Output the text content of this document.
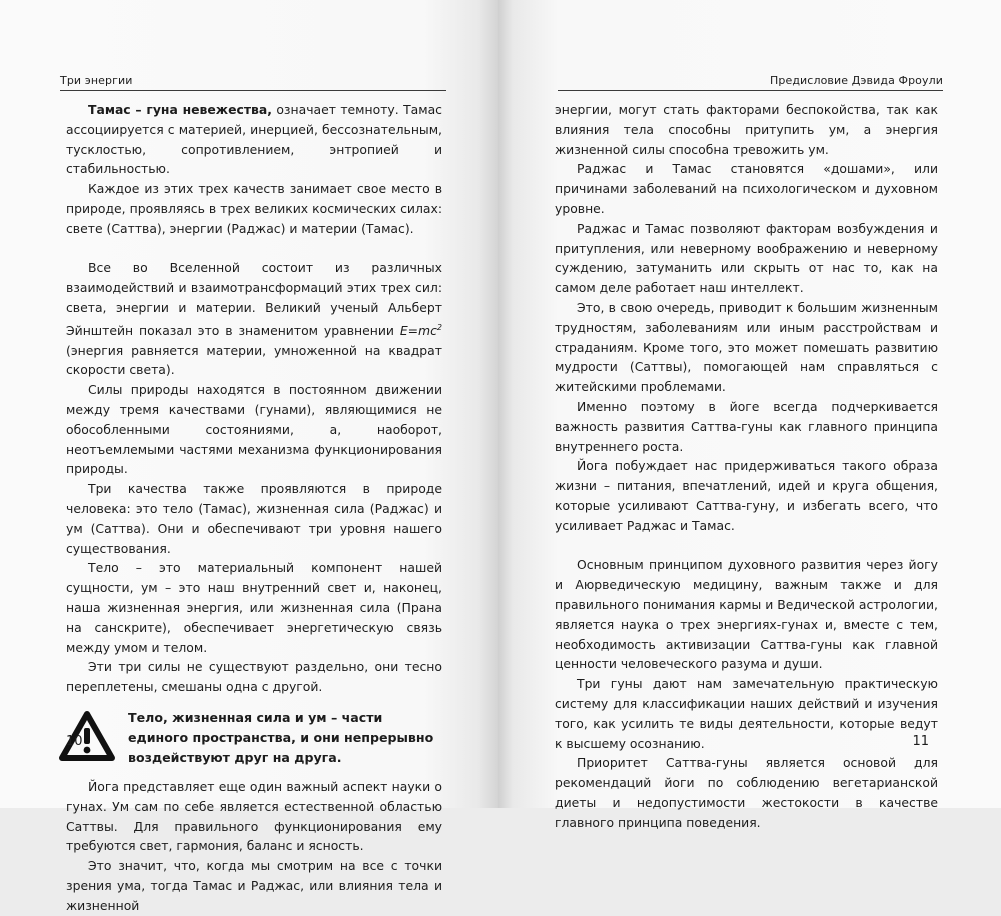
Три энергии

Тамас – гуна невежества, означает темноту. Тамас ассоциируется с материей, инерцией, бессознательным, тусклостью, сопротивлением, энтропией и стабильностью.

Каждое из этих трех качеств занимает свое место в природе, проявляясь в трех великих космических силах: свете (Саттва), энергии (Раджас) и материи (Тамас).

Все во Вселенной состоит из различных взаимодействий и взаимотрансформаций этих трех сил: света, энергии и материи. Великий ученый Альберт Эйнштейн показал это в знаменитом уравнении $E=mc^2$ (энергия равняется материи, умноженной на квадрат скорости света).

Силы природы находятся в постоянном движении между тремя качествами (гунами), являющимися не обособленными состояниями, а, наоборот, неотъемлемыми частями механизма функционирования природы.

Три качества также проявляются в природе человека: это тело (Тамас), жизненная сила (Раджас) и ум (Саттва). Они и обеспечивают три уровня нашего существования.

Тело – это материальный компонент нашей сущности, ум – это наш внутренний свет и, наконец, наша жизненная энергия, или жизненная сила (Прана на санскрите), обеспечивает энергетическую связь между умом и телом.

Эти три силы не существуют раздельно, они тесно переплетены, смешаны одна с другой.

Тело, жизненная сила и ум – части единого пространства, и они непрерывно воздействуют друг на друга.

Йога представляет еще один важный аспект науки о гунах. Ум сам по себе является естественной областью Саттвы. Для правильного функционирования ему требуются свет, гармония, баланс и ясность.

Это значит, что, когда мы смотрим на все с точки зрения ума, тогда Тамас и Раджас, или влияния тела и жизненной

10
Предисловие Дэвида Фроули

энергии, могут стать факторами беспокойства, так как влияния тела способны притупить ум, а энергия жизненной силы способна тревожить ум.

Раджас и Тамас становятся «дошами», или причинами заболеваний на психологическом и духовном уровне.

Раджас и Тамас позволяют факторам возбуждения и притупления, или неверному воображению и неверному суждению, затуманить или скрыть от нас то, как на самом деле работает наш интеллект.

Это, в свою очередь, приводит к большим жизненным трудностям, заболеваниям или иным расстройствам и страданиям. Кроме того, это может помешать развитию мудрости (Саттвы), помогающей нам справляться с житейскими проблемами.

Именно поэтому в йоге всегда подчеркивается важность развития Саттва-гуны как главного принципа внутреннего роста.

Йога побуждает нас придерживаться такого образа жизни – питания, впечатлений, идей и круга общения, которые усиливают Саттва-гуну, и избегать всего, что усиливает Раджас и Тамас.

Основным принципом духовного развития через йогу и Аюрведическую медицину, важным также и для правильного понимания кармы и Ведической астрологии, является наука о трех энергиях-гунах и, вместе с тем, необходимость активизации Саттва-гуны как главной ценности человеческого разума и души.

Три гуны дают нам замечательную практическую систему для классификации наших действий и изучения того, как усилить те виды деятельности, которые ведут к высшему осознанию.

Приоритет Саттва-гуны является основой для рекомендаций йоги по соблюдению вегетарианской диеты и недопустимости жестокости в качестве главного принципа поведения.

11
